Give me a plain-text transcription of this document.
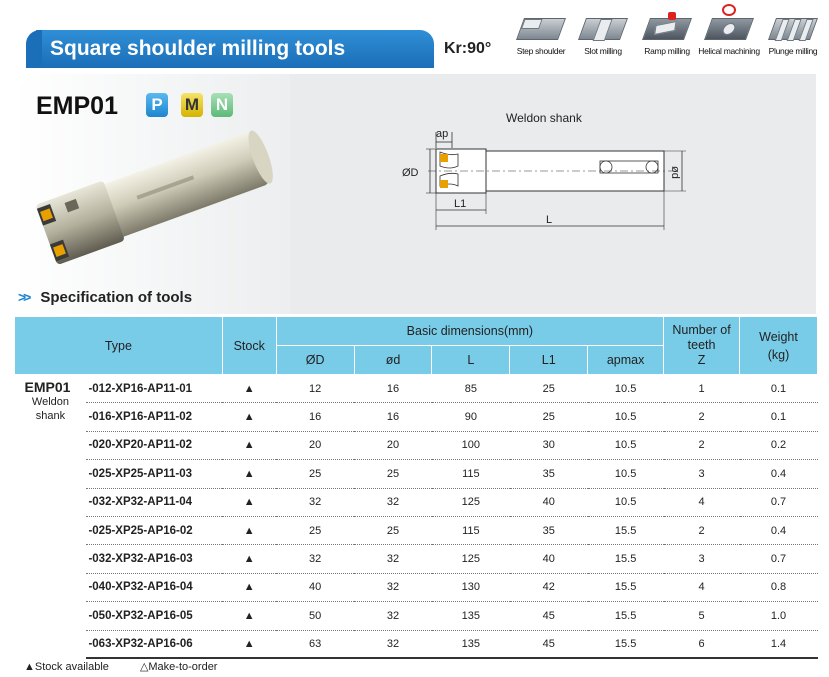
Square shoulder milling tools	Kr:90°	Step shoulder	Slot milling	Ramp milling Helical machining	Plunge milling
EMP01	P	M N
>> Specification of tools
Weldon shank
ap
ØD	ød
L1
L
Type		Stock	Basic dimensions(mm)					Number of
teeth
Z	Weight
(kg)
			ØD	ød	L	L1	apmax		

EMP01
Weldon
shank	-012-XP16-AP11-01	▲	12	16	85	25	10.5	1	0.1
	-016-XP16-AP11-02	▲	16	16	90	25	10.5	2	0.1
	-020-XP20-AP11-02	▲	20	20	100	30	10.5	2	0.2
	-025-XP25-AP11-03	▲	25	25	115	35	10.5	3	0.4
	-032-XP32-AP11-04	▲	32	32	125	40	10.5	4	0.7
	-025-XP25-AP16-02	▲	25	25	115	35	15.5	2	0.4
	-032-XP32-AP16-03	▲	32	32	125	40	15.5	3	0.7
	-040-XP32-AP16-04	▲	40	32	130	42	15.5	4	0.8
	-050-XP32-AP16-05	▲	50	32	135	45	15.5	5	1.0
	-063-XP32-AP16-06	▲	63	32	135	45	15.5	6	1.4
▲Stock available	△Make-to-order
